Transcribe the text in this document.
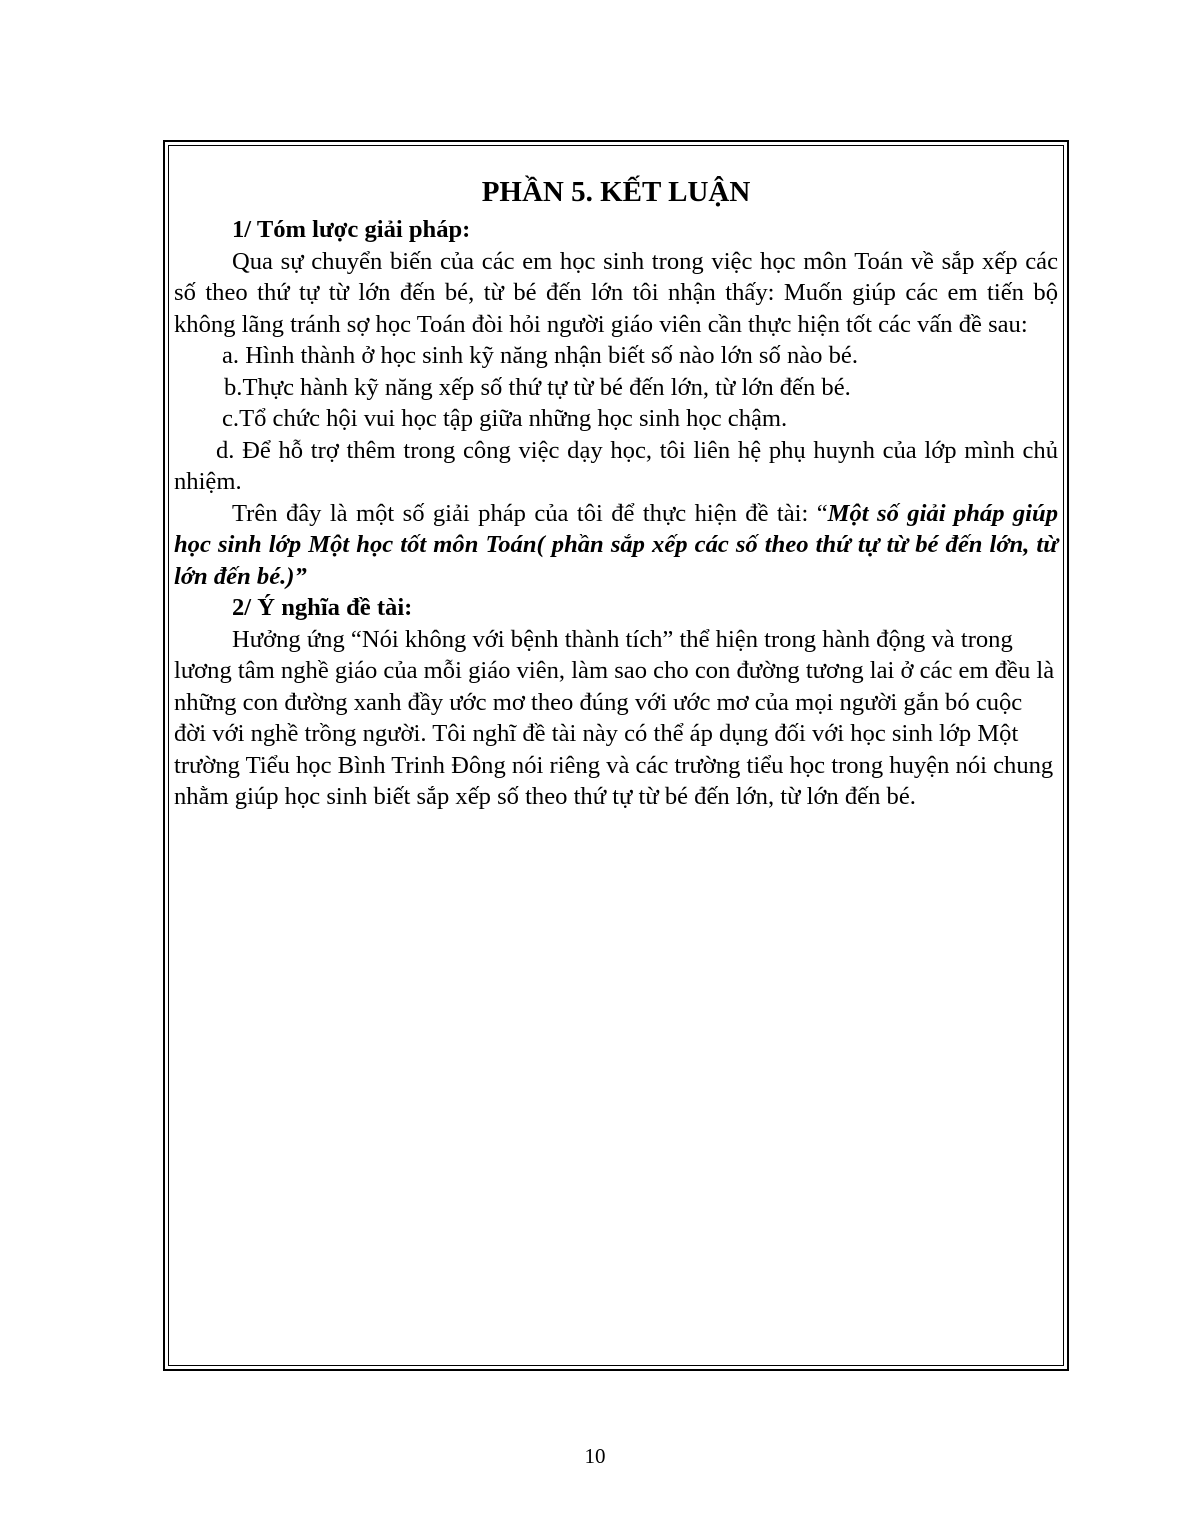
PHẦN 5. KẾT LUẬN

1/ Tóm lược giải pháp:

Qua sự chuyển biến của các em học sinh trong việc học môn Toán về sắp xếp các số theo thứ tự từ lớn đến bé, từ bé đến lớn tôi nhận thấy: Muốn giúp các em tiến bộ không lãng tránh sợ học Toán đòi hỏi người giáo viên cần thực hiện tốt các vấn đề sau:

a. Hình thành ở học sinh kỹ năng nhận biết số nào lớn số nào bé.

b.Thực hành kỹ năng xếp số thứ tự từ bé đến lớn, từ lớn đến bé.

c.Tổ chức hội vui học tập giữa những học sinh học chậm.

d. Để hỗ trợ thêm trong công việc dạy học, tôi liên hệ phụ huynh của lớp mình chủ nhiệm.

Trên đây là một số giải pháp của tôi để thực hiện đề tài: “Một số giải pháp giúp học sinh lớp Một học tốt môn Toán( phần sắp xếp các số theo thứ tự từ bé đến lớn, từ lớn đến bé.)”

2/ Ý nghĩa đề tài:

Hưởng ứng “Nói không với bệnh thành tích” thể hiện trong hành động và trong lương tâm nghề giáo của mỗi giáo viên, làm sao cho con đường tương lai ở các em đều là những con đường xanh đầy ước mơ theo đúng với ước mơ của mọi người gắn bó cuộc đời với nghề trồng người. Tôi nghĩ đề tài này có thể áp dụng đối với học sinh lớp Một trường Tiểu học Bình Trinh Đông nói riêng và các trường tiểu học trong huyện nói chung nhằm giúp học sinh biết sắp xếp số theo thứ tự từ bé đến lớn, từ lớn đến bé.

10
